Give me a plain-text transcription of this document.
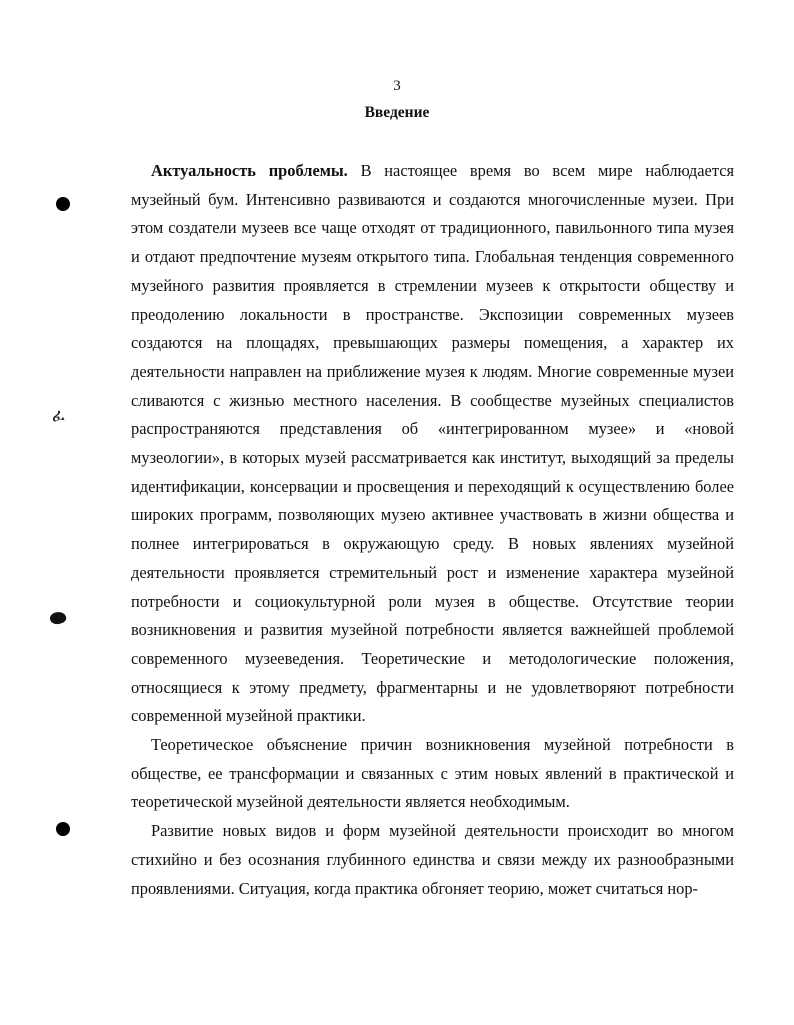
3
Введение

Актуальность проблемы. В настоящее время во всем мире наблюдается музейный бум. Интенсивно развиваются и создаются многочисленные музеи. При этом создатели музеев все чаще отходят от традиционного, павильонного типа музея и отдают предпочтение музеям открытого типа. Глобальная тенденция современного музейного развития проявляется в стремлении музеев к открытости обществу и преодолению локальности в пространстве. Экспозиции современных музеев создаются на площадях, превышающих размеры помещения, а характер их деятельности направлен на приближение музея к людям. Многие современные музеи сливаются с жизнью местного населения. В сообществе музейных специалистов распространяются представления об «интегрированном музее» и «новой музеологии», в которых музей рассматривается как институт, выходящий за пределы идентификации, консервации и просвещения и переходящий к осуществлению более широких программ, позволяющих музею активнее участвовать в жизни общества и полнее интегрироваться в окружающую среду. В новых явлениях музейной деятельности проявляется стремительный рост и изменение характера музейной потребности и социокультурной роли музея в обществе. Отсутствие теории возникновения и развития музейной потребности является важнейшей проблемой современного музееведения. Теоретические и методологические положения, относящиеся к этому предмету, фрагментарны и не удовлетворяют потребности современной музейной практики.

Теоретическое объяснение причин возникновения музейной потребности в обществе, ее трансформации и связанных с этим новых явлений в практической и теоретической музейной деятельности является необходимым.

Развитие новых видов и форм музейной деятельности происходит во многом стихийно и без осознания глубинного единства и связи между их разнообразными проявлениями. Ситуация, когда практика обгоняет теорию, может считаться нор-

ፈ
